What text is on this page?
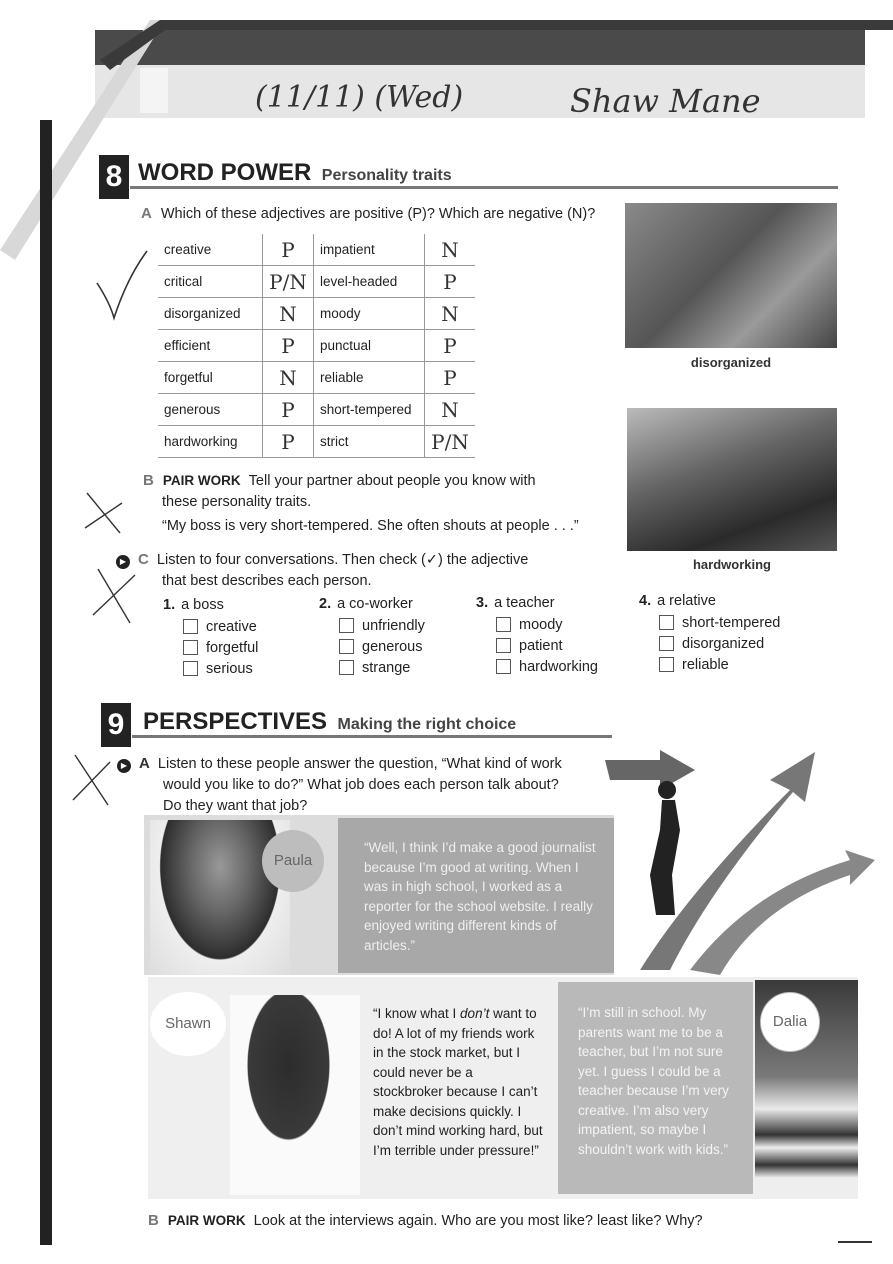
(11/11) (Wed)	Shaw Mane
8 WORD POWER Personality traits
A Which of these adjectives are positive (P)? Which are negative (N)?
creative	P	impatient	N
critical	P/N	level-headed	P
disorganized	N	moody	N
efficient	P	punctual	P
forgetful	N	reliable	P
generous	P	short-tempered	N
hardworking	P	strict	P/N
disorganized
hardworking
B PAIR WORK Tell your partner about people you know with
these personality traits.
“My boss is very short-tempered. She often shouts at people . . .”
▶ C Listen to four conversations. Then check (✓) the adjective
that best describes each person.
1. a boss
creative
forgetful
serious
2. a co-worker
unfriendly
generous
strange
3. a teacher
moody
patient
hardworking
4. a relative
short-tempered
disorganized
reliable
9 PERSPECTIVES Making the right choice
▶ A Listen to these people answer the question, “What kind of work
would you like to do?” What job does each person talk about?
Do they want that job?
Paula
“Well, I think I’d make a good journalist because I’m good at writing. When I was in high school, I worked as a reporter for the school website. I really enjoyed writing different kinds of articles.”
Shawn
“I know what I don’t want to do! A lot of my friends work in the stock market, but I could never be a stockbroker because I can’t make decisions quickly. I don’t mind working hard, but I’m terrible under pressure!”
“I’m still in school. My parents want me to be a teacher, but I’m not sure yet. I guess I could be a teacher because I’m very creative. I’m also very impatient, so maybe I shouldn’t work with kids.”
Dalia
B PAIR WORK Look at the interviews again. Who are you most like? least like? Why?
